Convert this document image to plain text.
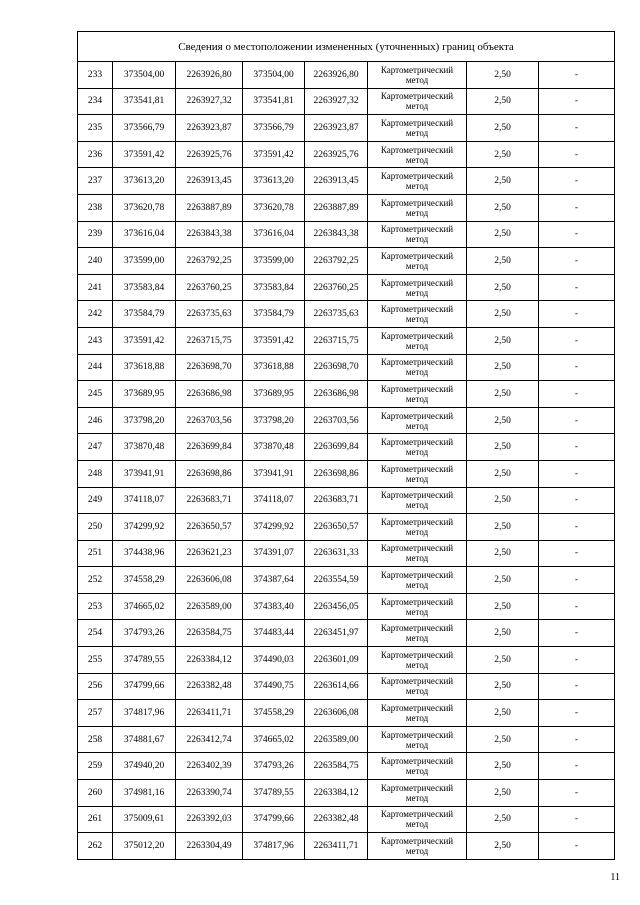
Сведения о местоположении измененных (уточненных) границ объекта							
233	373504,00	2263926,80	373504,00	2263926,80	Картометрический метод	2,50	-
234	373541,81	2263927,32	373541,81	2263927,32	Картометрический метод	2,50	-
235	373566,79	2263923,87	373566,79	2263923,87	Картометрический метод	2,50	-
236	373591,42	2263925,76	373591,42	2263925,76	Картометрический метод	2,50	-
237	373613,20	2263913,45	373613,20	2263913,45	Картометрический метод	2,50	-
238	373620,78	2263887,89	373620,78	2263887,89	Картометрический метод	2,50	-
239	373616,04	2263843,38	373616,04	2263843,38	Картометрический метод	2,50	-
240	373599,00	2263792,25	373599,00	2263792,25	Картометрический метод	2,50	-
241	373583,84	2263760,25	373583,84	2263760,25	Картометрический метод	2,50	-
242	373584,79	2263735,63	373584,79	2263735,63	Картометрический метод	2,50	-
243	373591,42	2263715,75	373591,42	2263715,75	Картометрический метод	2,50	-
244	373618,88	2263698,70	373618,88	2263698,70	Картометрический метод	2,50	-
245	373689,95	2263686,98	373689,95	2263686,98	Картометрический метод	2,50	-
246	373798,20	2263703,56	373798,20	2263703,56	Картометрический метод	2,50	-
247	373870,48	2263699,84	373870,48	2263699,84	Картометрический метод	2,50	-
248	373941,91	2263698,86	373941,91	2263698,86	Картометрический метод	2,50	-
249	374118,07	2263683,71	374118,07	2263683,71	Картометрический метод	2,50	-
250	374299,92	2263650,57	374299,92	2263650,57	Картометрический метод	2,50	-
251	374438,96	2263621,23	374391,07	2263631,33	Картометрический метод	2,50	-
252	374558,29	2263606,08	374387,64	2263554,59	Картометрический метод	2,50	-
253	374665,02	2263589,00	374383,40	2263456,05	Картометрический метод	2,50	-
254	374793,26	2263584,75	374483,44	2263451,97	Картометрический метод	2,50	-
255	374789,55	2263384,12	374490,03	2263601,09	Картометрический метод	2,50	-
256	374799,66	2263382,48	374490,75	2263614,66	Картометрический метод	2,50	-
257	374817,96	2263411,71	374558,29	2263606,08	Картометрический метод	2,50	-
258	374881,67	2263412,74	374665,02	2263589,00	Картометрический метод	2,50	-
259	374940,20	2263402,39	374793,26	2263584,75	Картометрический метод	2,50	-
260	374981,16	2263390,74	374789,55	2263384,12	Картометрический метод	2,50	-
261	375009,61	2263392,03	374799,66	2263382,48	Картометрический метод	2,50	-
262	375012,20	2263304,49	374817,96	2263411,71	Картометрический метод	2,50	-
11
